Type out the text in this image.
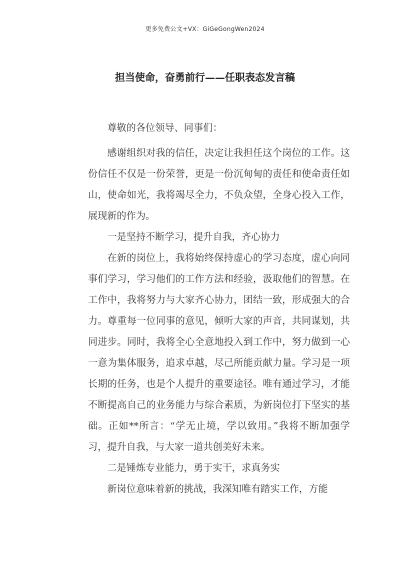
更多免费公文+VX：GiGeGongWen2024
担当使命，奋勇前行——任职表态发言稿

尊敬的各位领导、同事们：

感谢组织对我的信任，决定让我担任这个岗位的工作。这份信任不仅是一份荣誉，更是一份沉甸甸的责任和使命责任如山，使命如光，我将竭尽全力，不负众望，全身心投入工作，展现新的作为。

一是坚持不断学习，提升自我，齐心协力

在新的岗位上，我将始终保持虚心的学习态度，虚心向同事们学习，学习他们的工作方法和经验，汲取他们的智慧。在工作中，我将努力与大家齐心协力，团结一致，形成强大的合力。尊重每一位同事的意见，倾听大家的声音，共同谋划，共同进步。同时，我将全心全意地投入到工作中，努力做到一心一意为集体服务，追求卓越，尽己所能贡献力量。学习是一项长期的任务，也是个人提升的重要途径。唯有通过学习，才能不断提高自己的业务能力与综合素质，为新岗位打下坚实的基础。正如**所言：“学无止境，学以致用。”我将不断加强学习，提升自我，与大家一道共创美好未来。

二是锤炼专业能力，勇于实干，求真务实

新岗位意味着新的挑战，我深知唯有踏实工作，方能
